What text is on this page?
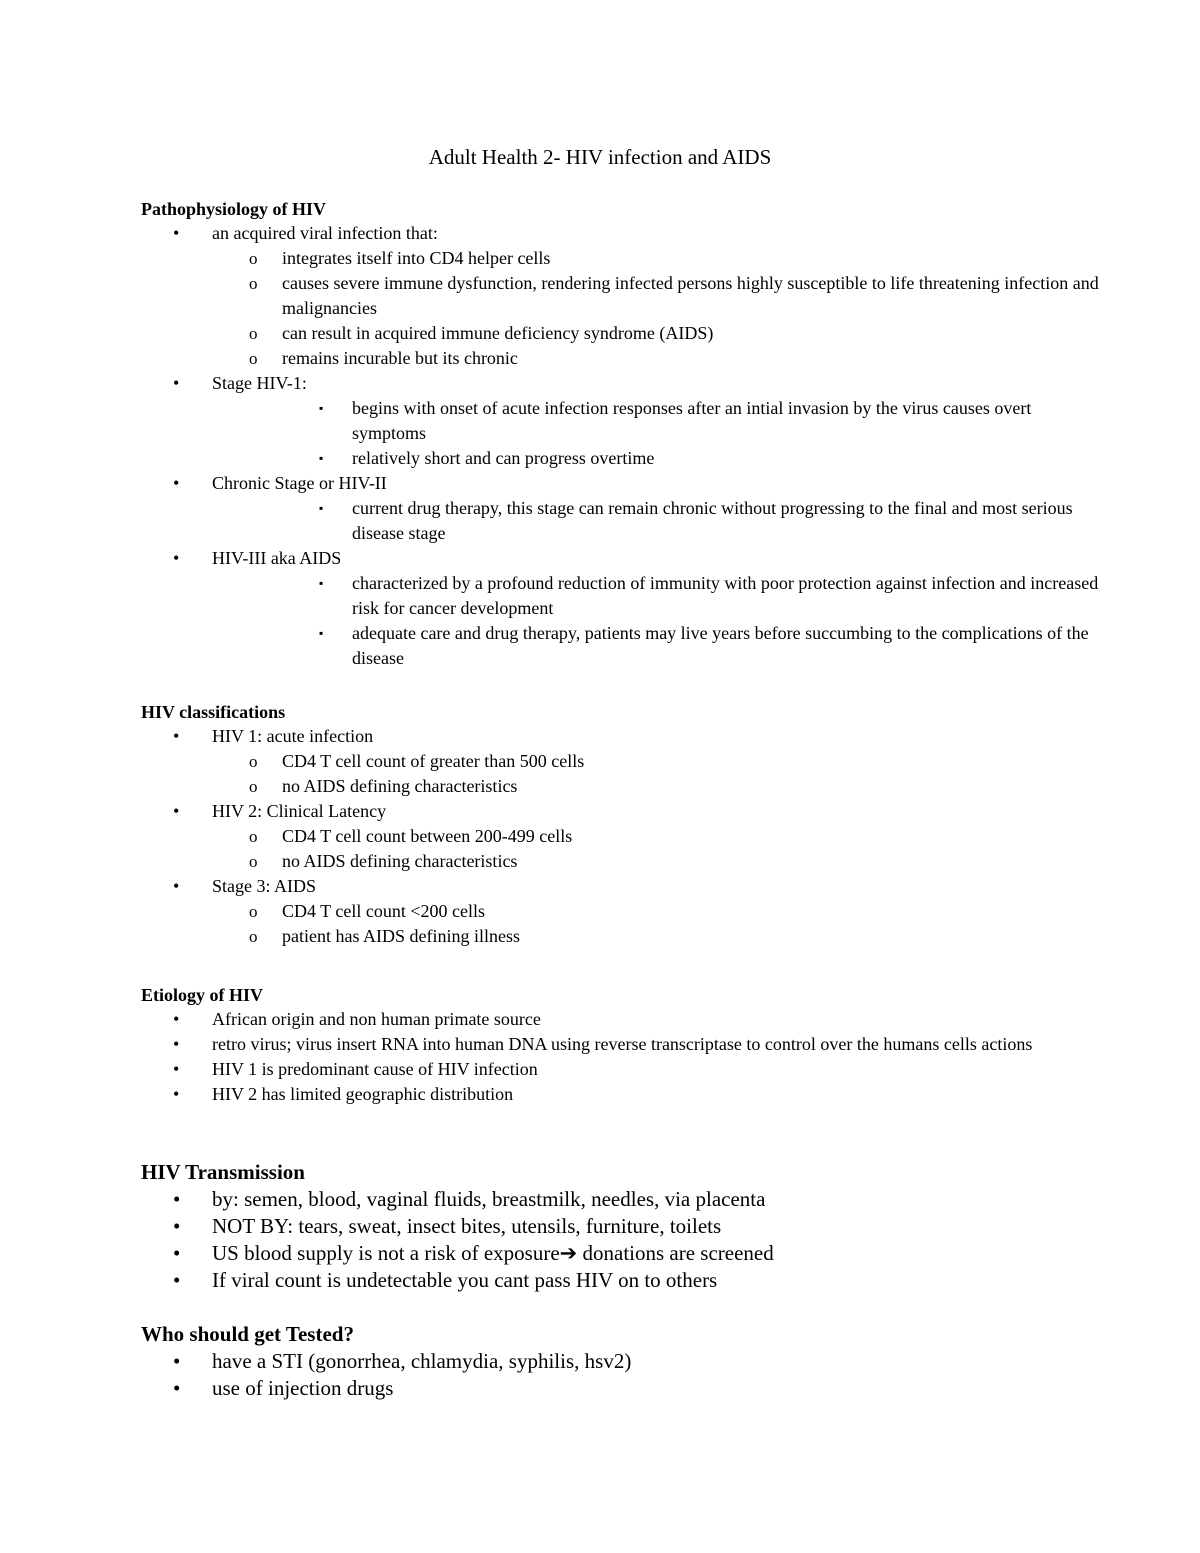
Adult Health 2- HIV infection and AIDS
Pathophysiology of HIV
• an acquired viral infection that:
o integrates itself into CD4 helper cells
o causes severe immune dysfunction, rendering infected persons highly susceptible to life threatening infection and malignancies
o can result in acquired immune deficiency syndrome (AIDS)
o remains incurable but its chronic
• Stage HIV-1:
▪ begins with onset of acute infection responses after an intial invasion by the virus causes overt symptoms
▪ relatively short and can progress overtime
• Chronic Stage or HIV-II
▪ current drug therapy, this stage can remain chronic without progressing to the final and most serious disease stage
• HIV-III aka AIDS
▪ characterized by a profound reduction of immunity with poor protection against infection and increased risk for cancer development
▪ adequate care and drug therapy, patients may live years before succumbing to the complications of the disease
HIV classifications
• HIV 1: acute infection
o CD4 T cell count of greater than 500 cells
o no AIDS defining characteristics
• HIV 2: Clinical Latency
o CD4 T cell count between 200-499 cells
o no AIDS defining characteristics
• Stage 3: AIDS
o CD4 T cell count <200 cells
o patient has AIDS defining illness
Etiology of HIV
• African origin and non human primate source
• retro virus; virus insert RNA into human DNA using reverse transcriptase to control over the humans cells actions
• HIV 1 is predominant cause of HIV infection
• HIV 2 has limited geographic distribution
HIV Transmission
• by: semen, blood, vaginal fluids, breastmilk, needles, via placenta
• NOT BY: tears, sweat, insect bites, utensils, furniture, toilets
• US blood supply is not a risk of exposure➔ donations are screened
• If viral count is undetectable you cant pass HIV on to others
Who should get Tested?
• have a STI (gonorrhea, chlamydia, syphilis, hsv2)
• use of injection drugs
